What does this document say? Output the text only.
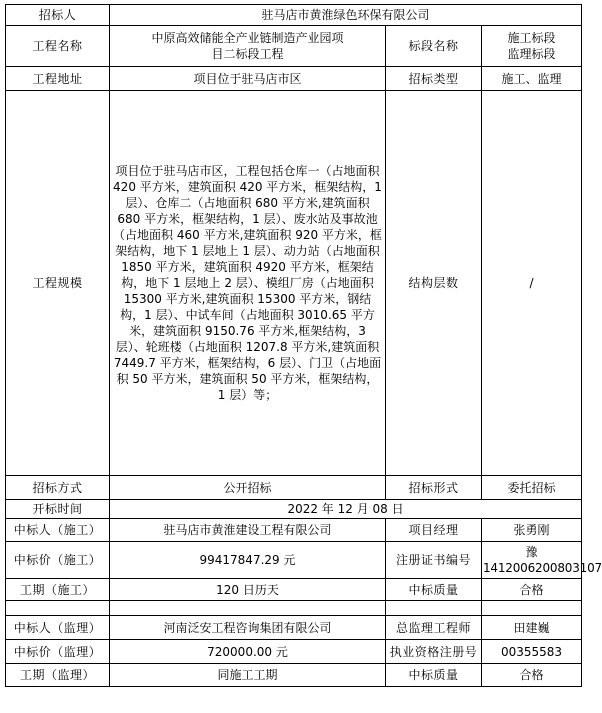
招标人	驻马店市黄淮绿色环保有限公司		
工程名称	中原高效储能全产业链制造产业园项目二标段工程	标段名称	施工标段监理标段
工程地址	项目位于驻马店市区	招标类型	施工、监理
工程规模	项目位于驻马店市区，工程包括仓库一（占地面积 420 平方米，建筑面积 420 平方米，框架结构，1 层）、仓库二（占地面积 680 平方米,建筑面积 680 平方米，框架结构，1 层）、废水站及事故池（占地面积 460 平方米,建筑面积 920 平方米，框架结构，地下 1 层地上 1 层）、动力站（占地面积 1850 平方米，建筑面积 4920 平方米，框架结构，地下 1 层地上 2 层）、模组厂房（占地面积 15300 平方米,建筑面积 15300 平方米，钢结构，1 层）、中试车间（占地面积 3010.65 平方米，建筑面积 9150.76 平方米,框架结构，3 层）、轮班楼（占地面积 1207.8 平方米,建筑面积 7449.7 平方米，框架结构，6 层）、门卫（占地面积 50 平方米，建筑面积 50 平方米，框架结构，1 层）等；	结构层数	/
招标方式	公开招标	招标形式	委托招标
开标时间	2022 年 12 月 08 日		
中标人（施工）	驻马店市黄淮建设工程有限公司	项目经理	张勇刚
中标价（施工）	99417847.29 元	注册证书编号	豫
1412006200803107

工期（施工）	120 日历天	中标质量	合格

中标人（监理）	河南泛安工程咨询集团有限公司	总监理工程师	田建巍
中标价（监理）	720000.00 元	执业资格注册号	00355583
工期（监理）	同施工工期	中标质量	合格
